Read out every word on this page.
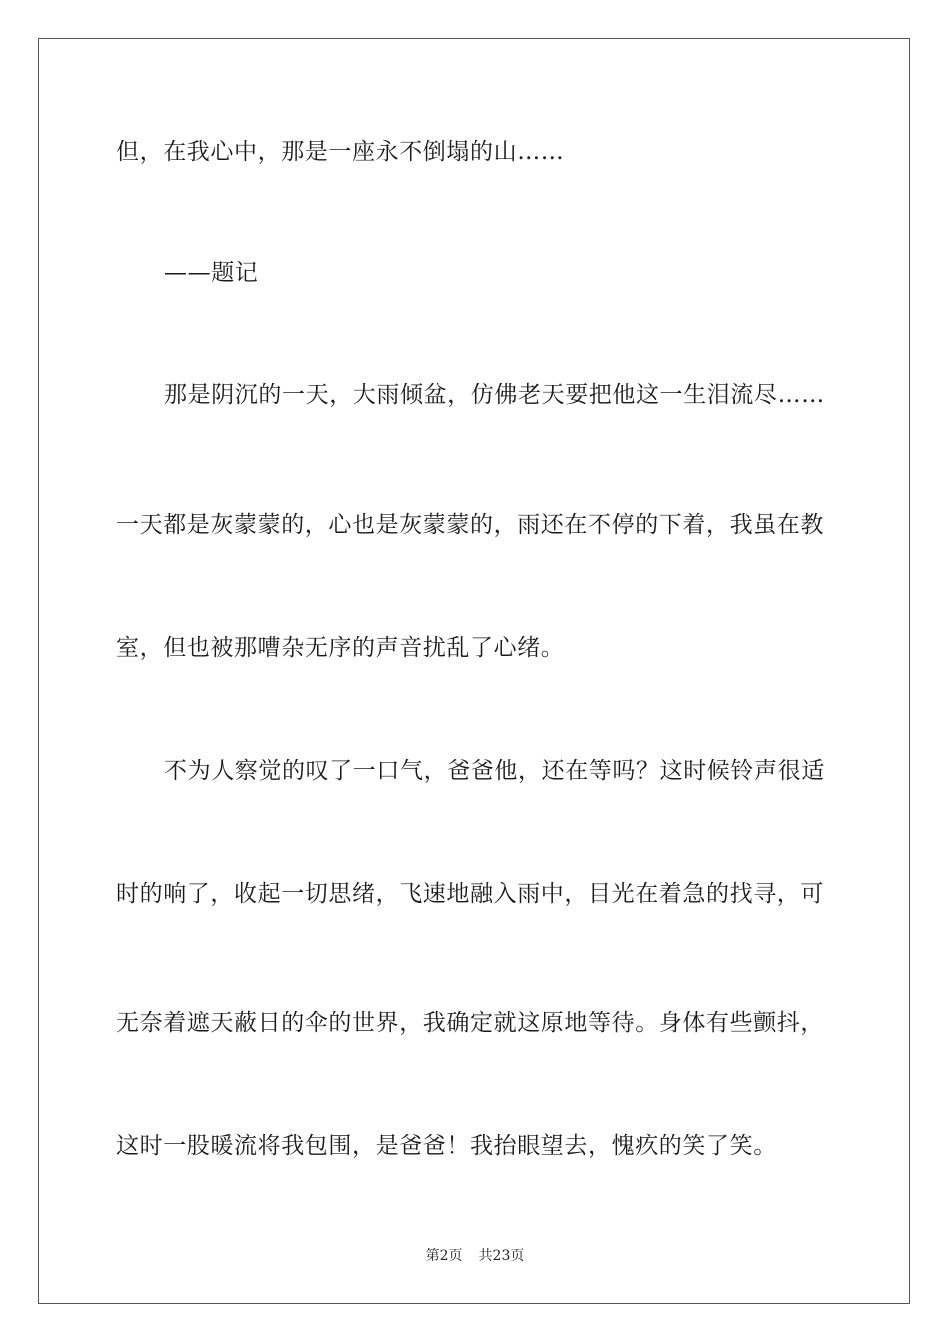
但，在我心中，那是一座永不倒塌的山……
——题记
那是阴沉的一天，大雨倾盆，仿佛老天要把他这一生泪流尽……
一天都是灰蒙蒙的，心也是灰蒙蒙的，雨还在不停的下着，我虽在教
室，但也被那嘈杂无序的声音扰乱了心绪。
不为人察觉的叹了一口气，爸爸他，还在等吗？这时候铃声很适
时的响了，收起一切思绪，飞速地融入雨中，目光在着急的找寻，可
无奈着遮天蔽日的伞的世界，我确定就这原地等待。身体有些颤抖，
这时一股暖流将我包围，是爸爸！我抬眼望去，愧疚的笑了笑。
第2页 共23页
